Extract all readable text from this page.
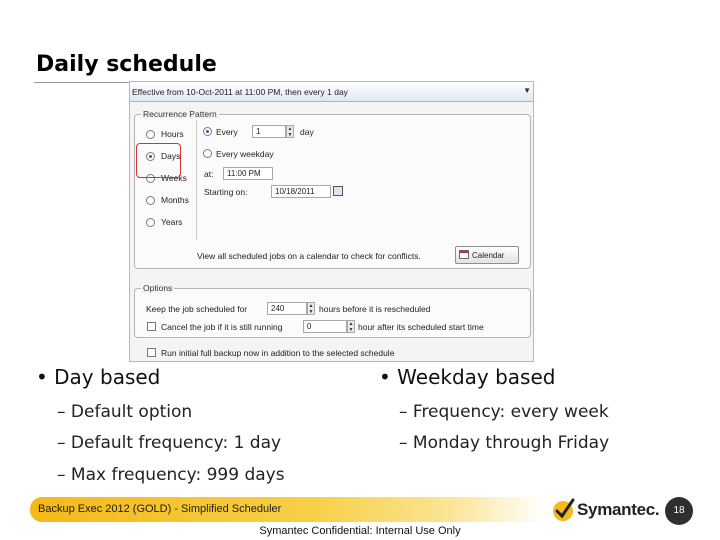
Daily schedule
Effective from 10-Oct-2011 at 11:00 PM, then every 1 day	▼
Recurrence Pattern
Hours
Days
Weeks
Months
Years
Every	1	▲
▼ day
Every weekday
at:	11:00 PM
Starting on:	10/18/2011
View all scheduled jobs on a calendar to check for conflicts.	Calendar
Options
Keep the job scheduled for	240	▲
▼ hours before it is rescheduled
Cancel the job if it is still running	0	▲
▼ hour after its scheduled start time
Run initial full backup now in addition to the selected schedule
• Day based
– Default option
– Default frequency: 1 day
– Max frequency: 999 days
• Weekday based
– Frequency: every week
– Monday through Friday
Backup Exec 2012 (GOLD) - Simplified Scheduler	Symantec.	18
Symantec Confidential: Internal Use Only
